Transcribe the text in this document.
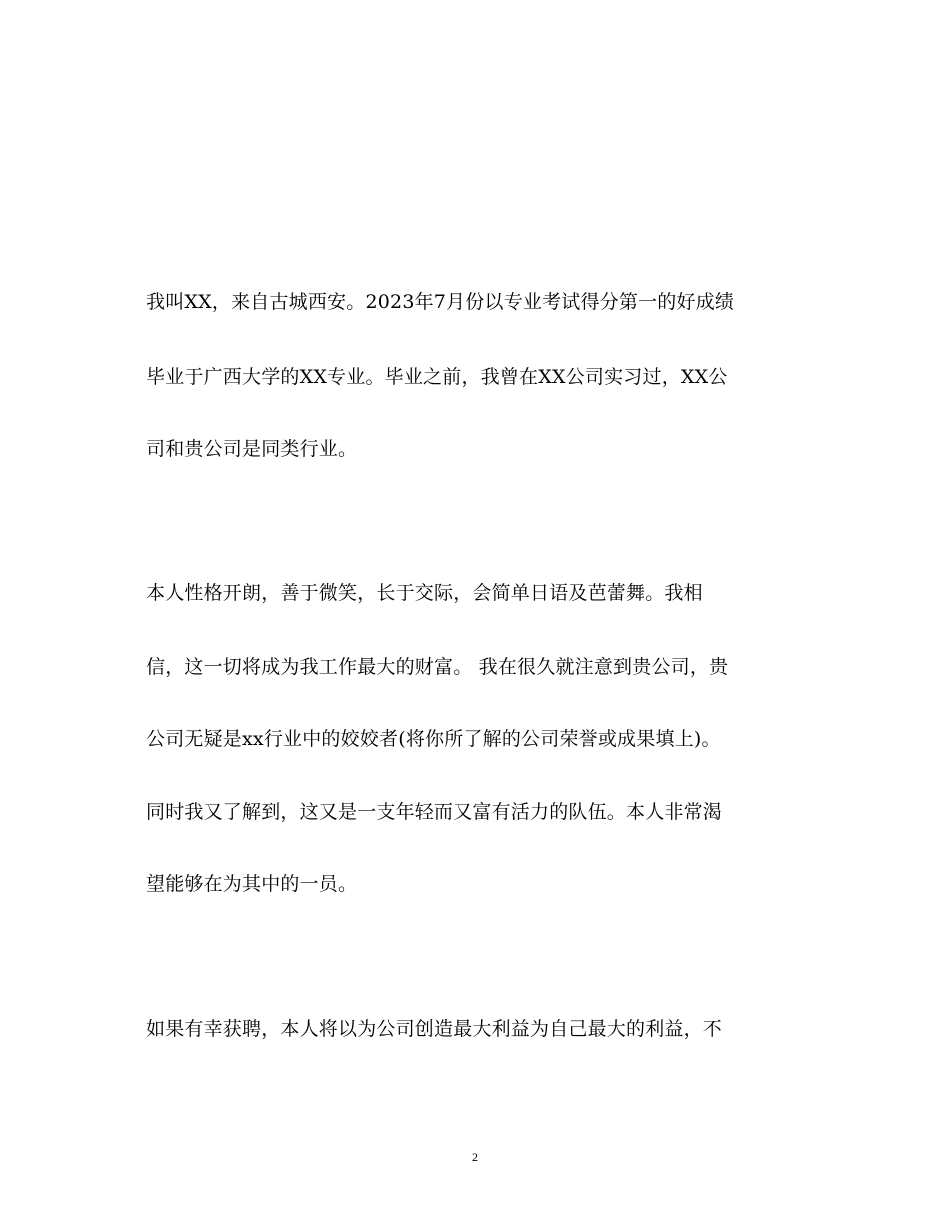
我叫XX，来自古城西安。2023年7月份以专业考试得分第一的好成绩
毕业于广西大学的XX专业。毕业之前，我曾在XX公司实习过，XX公
司和贵公司是同类行业。
本人性格开朗，善于微笑，长于交际，会简单日语及芭蕾舞。我相
信，这一切将成为我工作最大的财富。 我在很久就注意到贵公司，贵
公司无疑是xx行业中的姣姣者(将你所了解的公司荣誉或成果填上)。
同时我又了解到，这又是一支年轻而又富有活力的队伍。本人非常渴
望能够在为其中的一员。
如果有幸获聘，本人将以为公司创造最大利益为自己最大的利益，不
2
